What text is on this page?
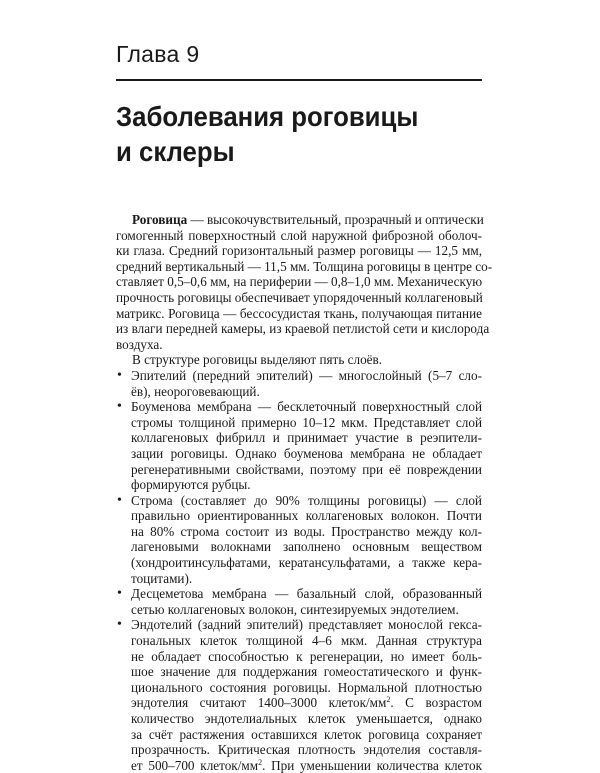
Глава 9
Заболевания роговицы
и склеры
Роговица — высокочувствительный, прозрачный и оптически
гомогенный поверхностный слой наружной фиброзной оболоч-
ки глаза. Средний горизонтальный размер роговицы — 12,5 мм,
средний вертикальный — 11,5 мм. Толщина роговицы в центре со-
ставляет 0,5–0,6 мм, на периферии — 0,8–1,0 мм. Механическую
прочность роговицы обеспечивает упорядоченный коллагеновый
матрикс. Роговица — бессосудистая ткань, получающая питание
из влаги передней камеры, из краевой петлистой сети и кислорода
воздуха.
В структуре роговицы выделяют пять слоёв.
• Эпителий (передний эпителий) — многослойный (5–7 сло-
ёв), неороговевающий.
• Боуменова мембрана — бесклеточный поверхностный слой
стромы толщиной примерно 10–12 мкм. Представляет слой
коллагеновых фибрилл и принимает участие в реэпители-
зации роговицы. Однако боуменова мембрана не обладает
регенеративными свойствами, поэтому при её повреждении
формируются рубцы.
• Строма (составляет до 90% толщины роговицы) — слой
правильно ориентированных коллагеновых волокон. Почти
на 80% строма состоит из воды. Пространство между кол-
лагеновыми волокнами заполнено основным веществом
(хондроитинсульфатами, кератансульфатами, а также кера-
тоцитами).
• Десцеметова мембрана — базальный слой, образованный
сетью коллагеновых волокон, синтезируемых эндотелием.
• Эндотелий (задний эпителий) представляет монослой гекса-
гональных клеток толщиной 4–6 мкм. Данная структура
не обладает способностью к регенерации, но имеет боль-
шое значение для поддержания гомеостатического и функ-
ционального состояния роговицы. Нормальной плотностью
эндотелия считают 1400–3000 клеток/$мм^2$. С возрастом
количество эндотелиальных клеток уменьшается, однако
за счёт растяжения оставшихся клеток роговица сохраняет
прозрачность. Критическая плотность эндотелия составля-
ет 500–700 клеток/$мм^2$. При уменьшении количества клеток
